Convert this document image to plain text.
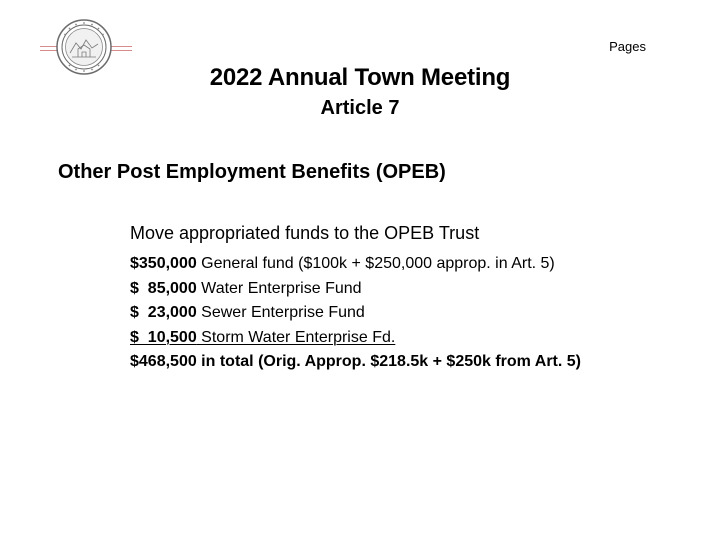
Pages
2022 Annual Town Meeting
Article 7
Other Post Employment Benefits (OPEB)
Move appropriated funds to the OPEB Trust
$350,000 General fund ($100k + $250,000 approp. in Art. 5)
$  85,000 Water Enterprise Fund
$  23,000 Sewer Enterprise Fund
$  10,500 Storm Water Enterprise Fd.
$468,500 in total (Orig. Approp. $218.5k + $250k from Art. 5)
